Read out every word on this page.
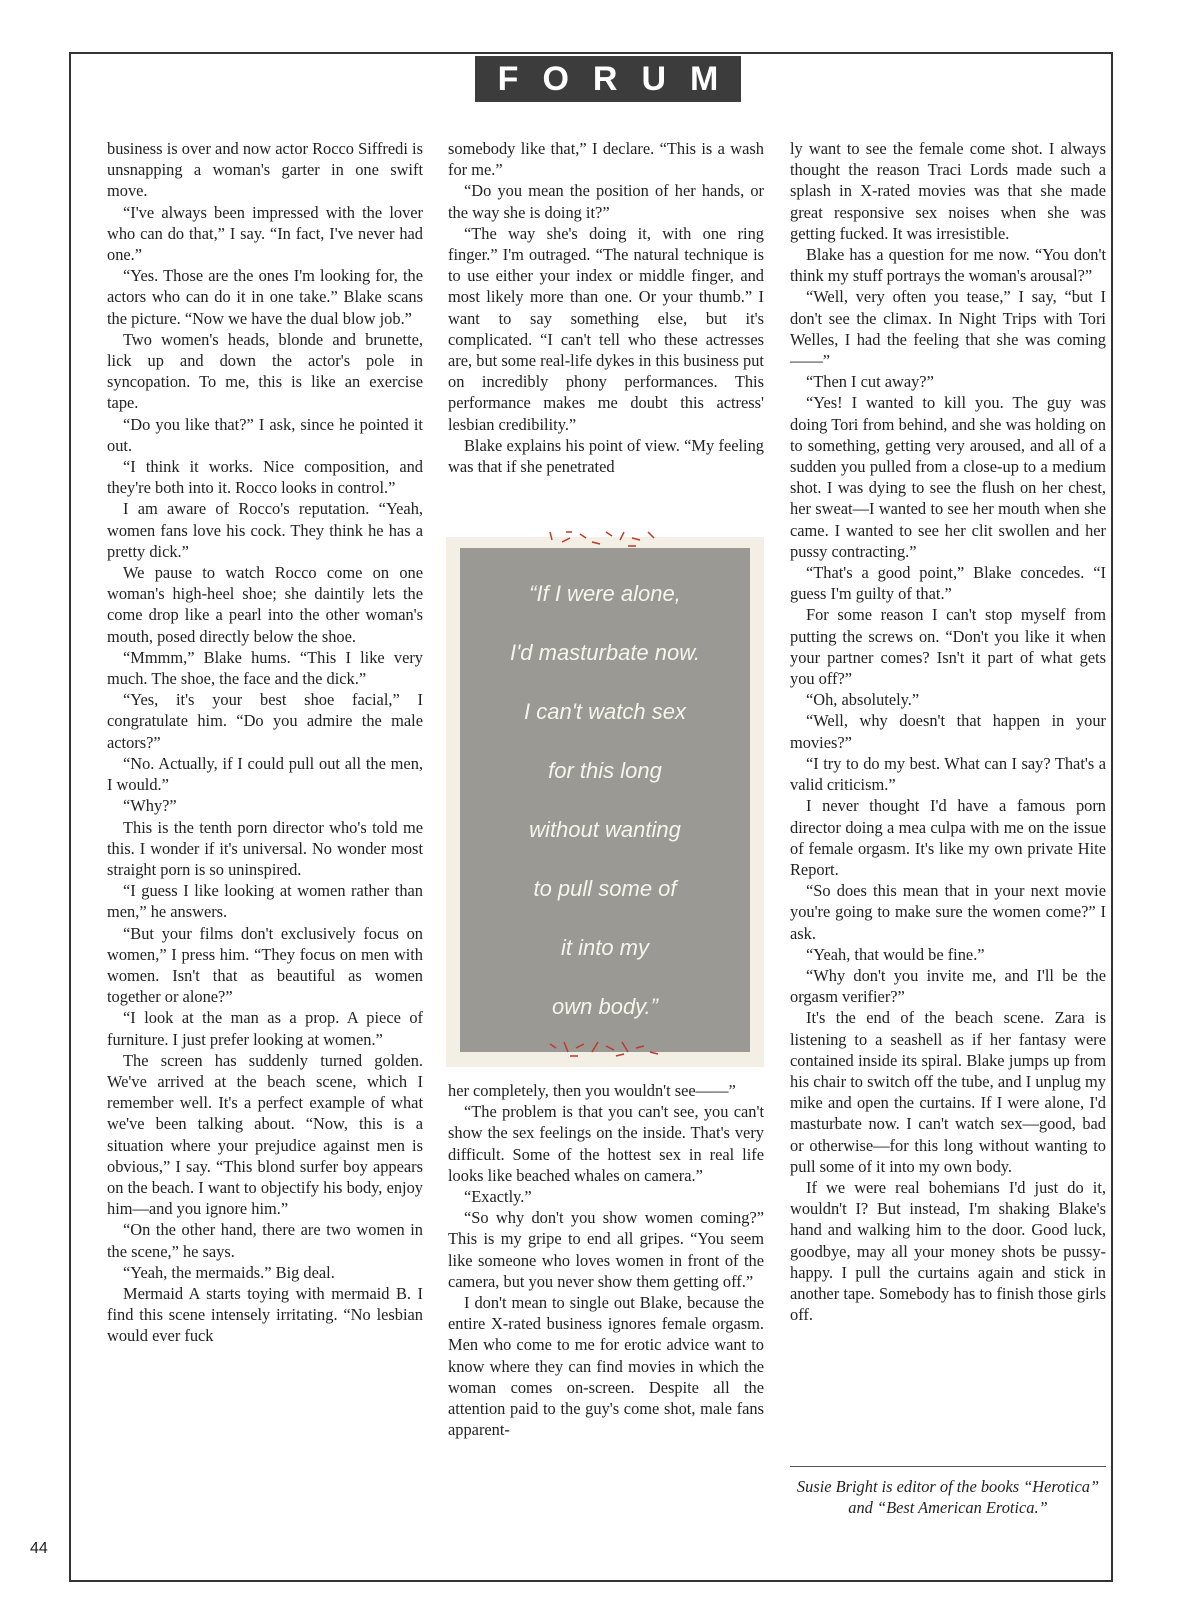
FORUM

business is over and now actor Rocco Siffredi is unsnapping a woman's garter in one swift move.

“I've always been impressed with the lover who can do that,” I say. “In fact, I've never had one.”

“Yes. Those are the ones I'm looking for, the actors who can do it in one take.” Blake scans the picture. “Now we have the dual blow job.”

Two women's heads, blonde and brunette, lick up and down the actor's pole in syncopation. To me, this is like an exercise tape.

“Do you like that?” I ask, since he pointed it out.

“I think it works. Nice composition, and they're both into it. Rocco looks in control.”

I am aware of Rocco's reputation. “Yeah, women fans love his cock. They think he has a pretty dick.”

We pause to watch Rocco come on one woman's high-heel shoe; she daintily lets the come drop like a pearl into the other woman's mouth, posed directly below the shoe.

“Mmmm,” Blake hums. “This I like very much. The shoe, the face and the dick.”

“Yes, it's your best shoe facial,” I congratulate him. “Do you admire the male actors?”

“No. Actually, if I could pull out all the men, I would.”

“Why?”

This is the tenth porn director who's told me this. I wonder if it's universal. No wonder most straight porn is so uninspired.

“I guess I like looking at women rather than men,” he answers.

“But your films don't exclusively focus on women,” I press him. “They focus on men with women. Isn't that as beautiful as women together or alone?”

“I look at the man as a prop. A piece of furniture. I just prefer looking at women.”

The screen has suddenly turned golden. We've arrived at the beach scene, which I remember well. It's a perfect example of what we've been talking about. “Now, this is a situation where your prejudice against men is obvious,” I say. “This blond surfer boy appears on the beach. I want to objectify his body, enjoy him—and you ignore him.”

“On the other hand, there are two women in the scene,” he says.

“Yeah, the mermaids.” Big deal.

Mermaid A starts toying with mermaid B. I find this scene intensely irritating. “No lesbian would ever fuck

somebody like that,” I declare. “This is a wash for me.”

“Do you mean the position of her hands, or the way she is doing it?”

“The way she's doing it, with one ring finger.” I'm outraged. “The natural technique is to use either your index or middle finger, and most likely more than one. Or your thumb.” I want to say something else, but it's complicated. “I can't tell who these actresses are, but some real-life dykes in this business put on incredibly phony performances. This performance makes me doubt this actress' lesbian credibility.”

Blake explains his point of view. “My feeling was that if she penetrated

“If I were alone,
I'd masturbate now.
I can't watch sex
for this long
without wanting
to pull some of
it into my
own body.”

her completely, then you wouldn't see——”

“The problem is that you can't see, you can't show the sex feelings on the inside. That's very difficult. Some of the hottest sex in real life looks like beached whales on camera.”

“Exactly.”

“So why don't you show women coming?” This is my gripe to end all gripes. “You seem like someone who loves women in front of the camera, but you never show them getting off.”

I don't mean to single out Blake, because the entire X-rated business ignores female orgasm. Men who come to me for erotic advice want to know where they can find movies in which the woman comes on-screen. Despite all the attention paid to the guy's come shot, male fans apparent-

ly want to see the female come shot. I always thought the reason Traci Lords made such a splash in X-rated movies was that she made great responsive sex noises when she was getting fucked. It was irresistible.

Blake has a question for me now. “You don't think my stuff portrays the woman's arousal?”

“Well, very often you tease,” I say, “but I don't see the climax. In Night Trips with Tori Welles, I had the feeling that she was coming——”

“Then I cut away?”

“Yes! I wanted to kill you. The guy was doing Tori from behind, and she was holding on to something, getting very aroused, and all of a sudden you pulled from a close-up to a medium shot. I was dying to see the flush on her chest, her sweat—I wanted to see her mouth when she came. I wanted to see her clit swollen and her pussy contracting.”

“That's a good point,” Blake concedes. “I guess I'm guilty of that.”

For some reason I can't stop myself from putting the screws on. “Don't you like it when your partner comes? Isn't it part of what gets you off?”

“Oh, absolutely.”

“Well, why doesn't that happen in your movies?”

“I try to do my best. What can I say? That's a valid criticism.”

I never thought I'd have a famous porn director doing a mea culpa with me on the issue of female orgasm. It's like my own private Hite Report.

“So does this mean that in your next movie you're going to make sure the women come?” I ask.

“Yeah, that would be fine.”

“Why don't you invite me, and I'll be the orgasm verifier?”

It's the end of the beach scene. Zara is listening to a seashell as if her fantasy were contained inside its spiral. Blake jumps up from his chair to switch off the tube, and I unplug my mike and open the curtains. If I were alone, I'd masturbate now. I can't watch sex—good, bad or otherwise—for this long without wanting to pull some of it into my own body.

If we were real bohemians I'd just do it, wouldn't I? But instead, I'm shaking Blake's hand and walking him to the door. Good luck, goodbye, may all your money shots be pussy-happy. I pull the curtains again and stick in another tape. Somebody has to finish those girls off.

Susie Bright is editor of the books “Herotica” and “Best American Erotica.”
44
